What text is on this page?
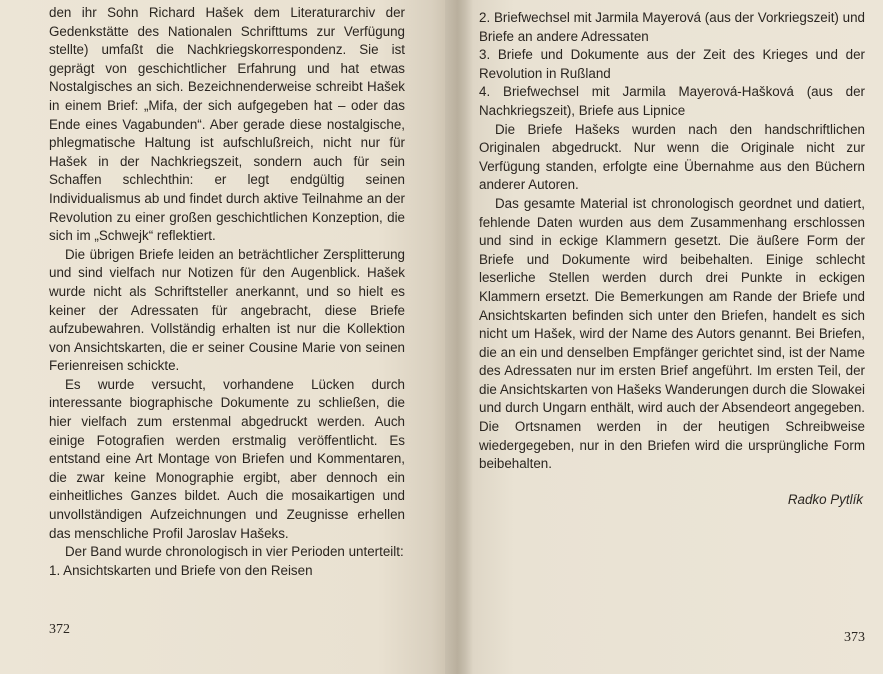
den ihr Sohn Richard Hašek dem Literaturarchiv der Gedenkstätte des Nationalen Schrifttums zur Verfügung stellte) umfaßt die Nachkriegskorrespondenz. Sie ist geprägt von geschichtlicher Erfahrung und hat etwas Nostalgisches an sich. Bezeichnenderweise schreibt Hašek in einem Brief: „Mifa, der sich aufgegeben hat – oder das Ende eines Vagabunden“. Aber gerade diese nostalgische, phlegmatische Haltung ist aufschlußreich, nicht nur für Hašek in der Nachkriegszeit, sondern auch für sein Schaffen schlechthin: er legt endgültig seinen Individualismus ab und findet durch aktive Teilnahme an der Revolution zu einer großen geschichtlichen Konzeption, die sich im „Schwejk“ reflektiert.

Die übrigen Briefe leiden an beträchtlicher Zersplitterung und sind vielfach nur Notizen für den Augenblick. Hašek wurde nicht als Schriftsteller anerkannt, und so hielt es keiner der Adressaten für angebracht, diese Briefe aufzubewahren. Vollständig erhalten ist nur die Kollektion von Ansichtskarten, die er seiner Cousine Marie von seinen Ferienreisen schickte.

Es wurde versucht, vorhandene Lücken durch interessante biographische Dokumente zu schließen, die hier vielfach zum erstenmal abgedruckt werden. Auch einige Fotografien werden erstmalig veröffentlicht. Es entstand eine Art Montage von Briefen und Kommentaren, die zwar keine Monographie ergibt, aber dennoch ein einheitliches Ganzes bildet. Auch die mosaikartigen und unvollständigen Aufzeichnungen und Zeugnisse erhellen das menschliche Profil Jaroslav Hašeks.

Der Band wurde chronologisch in vier Perioden unterteilt:

1. Ansichtskarten und Briefe von den Reisen

372

2. Briefwechsel mit Jarmila Mayerová (aus der Vorkriegszeit) und Briefe an andere Adressaten

3. Briefe und Dokumente aus der Zeit des Krieges und der Revolution in Rußland

4. Briefwechsel mit Jarmila Mayerová-Hašková (aus der Nachkriegszeit), Briefe aus Lipnice

Die Briefe Hašeks wurden nach den handschriftlichen Originalen abgedruckt. Nur wenn die Originale nicht zur Verfügung standen, erfolgte eine Übernahme aus den Büchern anderer Autoren.

Das gesamte Material ist chronologisch geordnet und datiert, fehlende Daten wurden aus dem Zusammenhang erschlossen und sind in eckige Klammern gesetzt. Die äußere Form der Briefe und Dokumente wird beibehalten. Einige schlecht leserliche Stellen werden durch drei Punkte in eckigen Klammern ersetzt. Die Bemerkungen am Rande der Briefe und Ansichtskarten befinden sich unter den Briefen, handelt es sich nicht um Hašek, wird der Name des Autors genannt. Bei Briefen, die an ein und denselben Empfänger gerichtet sind, ist der Name des Adressaten nur im ersten Brief angeführt. Im ersten Teil, der die Ansichtskarten von Hašeks Wanderungen durch die Slowakei und durch Ungarn enthält, wird auch der Absendeort angegeben. Die Ortsnamen werden in der heutigen Schreibweise wiedergegeben, nur in den Briefen wird die ursprüngliche Form beibehalten.

Radko Pytlík
373
